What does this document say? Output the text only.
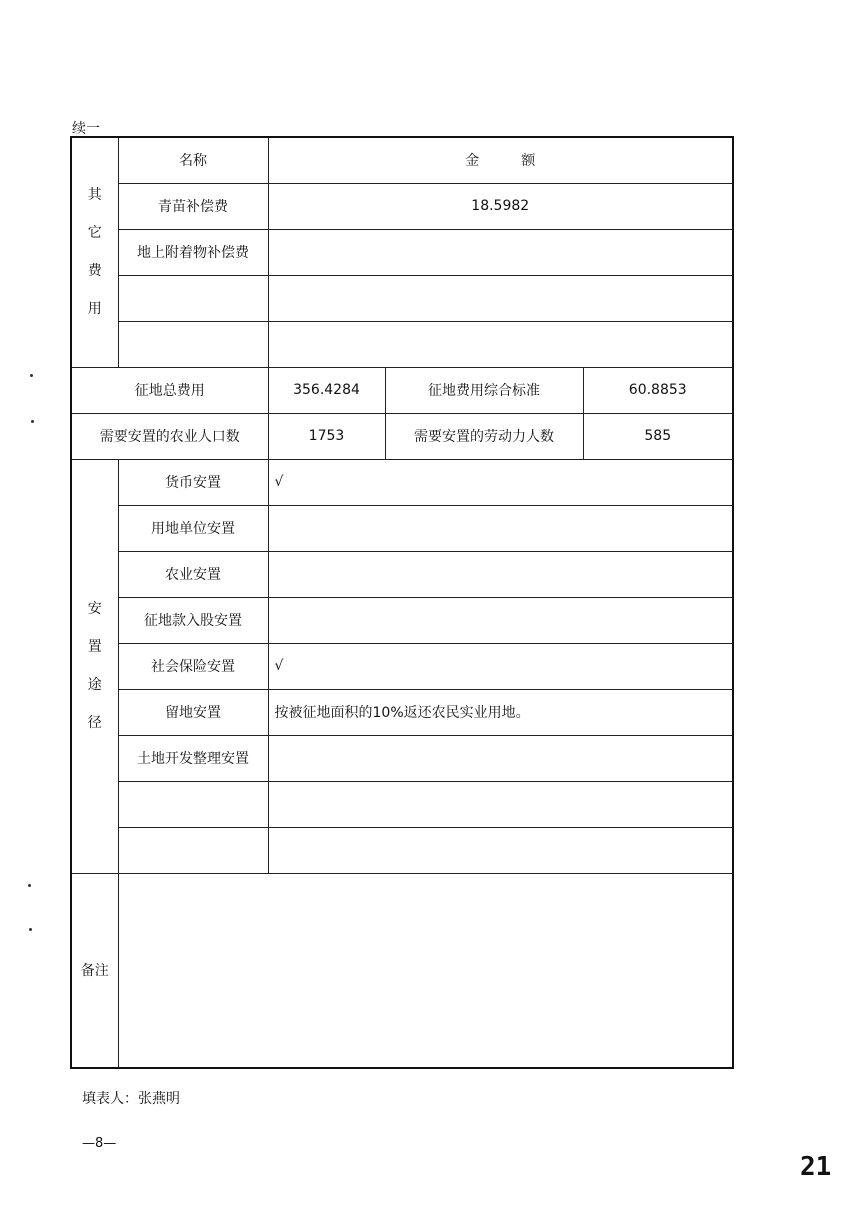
续一
其
它
费
用	名称	金　　　额		
	青苗补偿费	18.5982		
	地上附着物补偿费			

征地总费用		356.4284	征地费用综合标准	60.8853
需要安置的农业人口数		1753	需要安置的劳动力人数	585

安
置
途
径	货币安置	√		
	用地单位安置			
	农业安置			
	征地款入股安置			
	社会保险安置	√		
	留地安置	按被征地面积的10%返还农民实业用地。		
	土地开发整理安置			

备注				
填表人：张燕明
—8—
21
